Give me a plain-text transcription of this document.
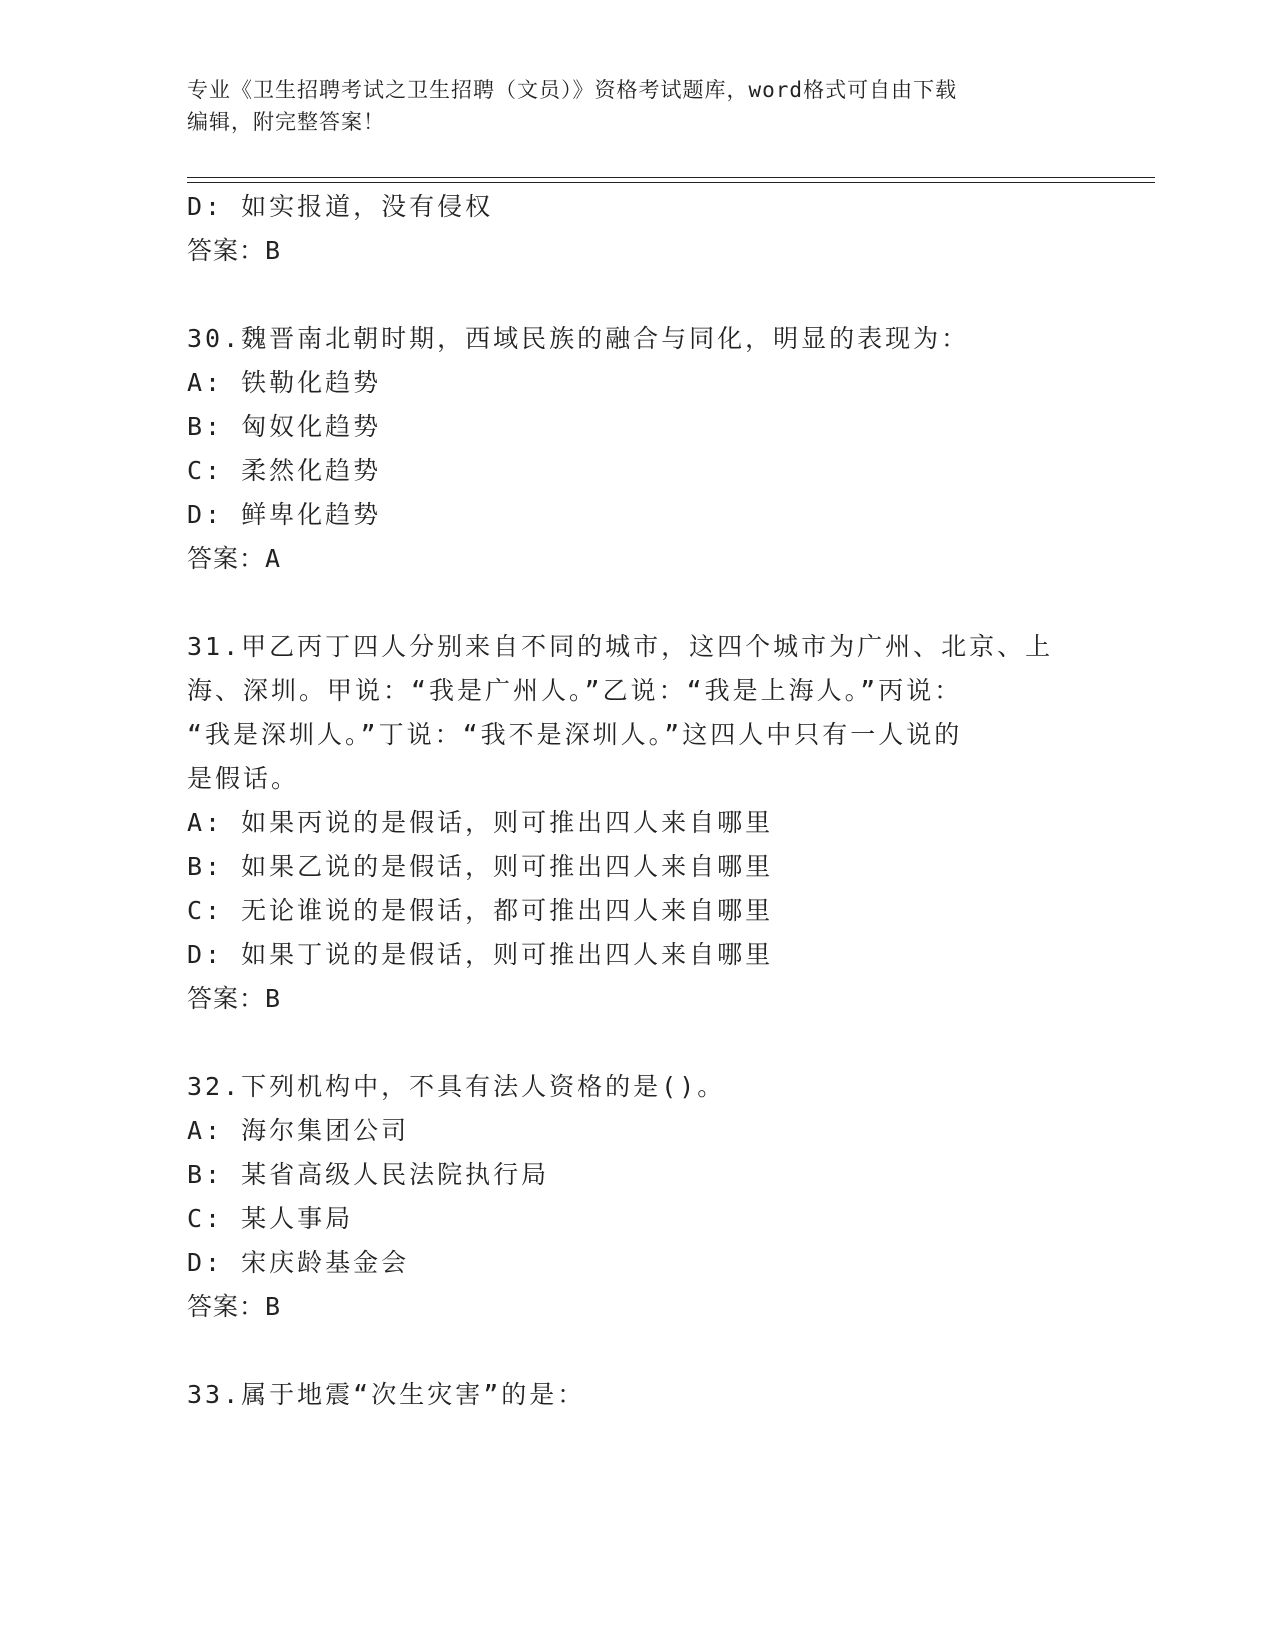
专业《卫生招聘考试之卫生招聘（文员）》资格考试题库，word格式可自由下载
编辑，附完整答案！
D: 如实报道，没有侵权
答案：B
30.魏晋南北朝时期，西域民族的融合与同化，明显的表现为：
A: 铁勒化趋势
B: 匈奴化趋势
C: 柔然化趋势
D: 鲜卑化趋势
答案：A
31.甲乙丙丁四人分别来自不同的城市，这四个城市为广州、北京、上
海、深圳。甲说：“我是广州人。”乙说：“我是上海人。”丙说：
“我是深圳人。”丁说：“我不是深圳人。”这四人中只有一人说的
是假话。
A: 如果丙说的是假话，则可推出四人来自哪里
B: 如果乙说的是假话，则可推出四人来自哪里
C: 无论谁说的是假话，都可推出四人来自哪里
D: 如果丁说的是假话，则可推出四人来自哪里
答案：B
32.下列机构中，不具有法人资格的是()。
A: 海尔集团公司
B: 某省高级人民法院执行局
C: 某人事局
D: 宋庆龄基金会
答案：B
33.属于地震“次生灾害”的是：
